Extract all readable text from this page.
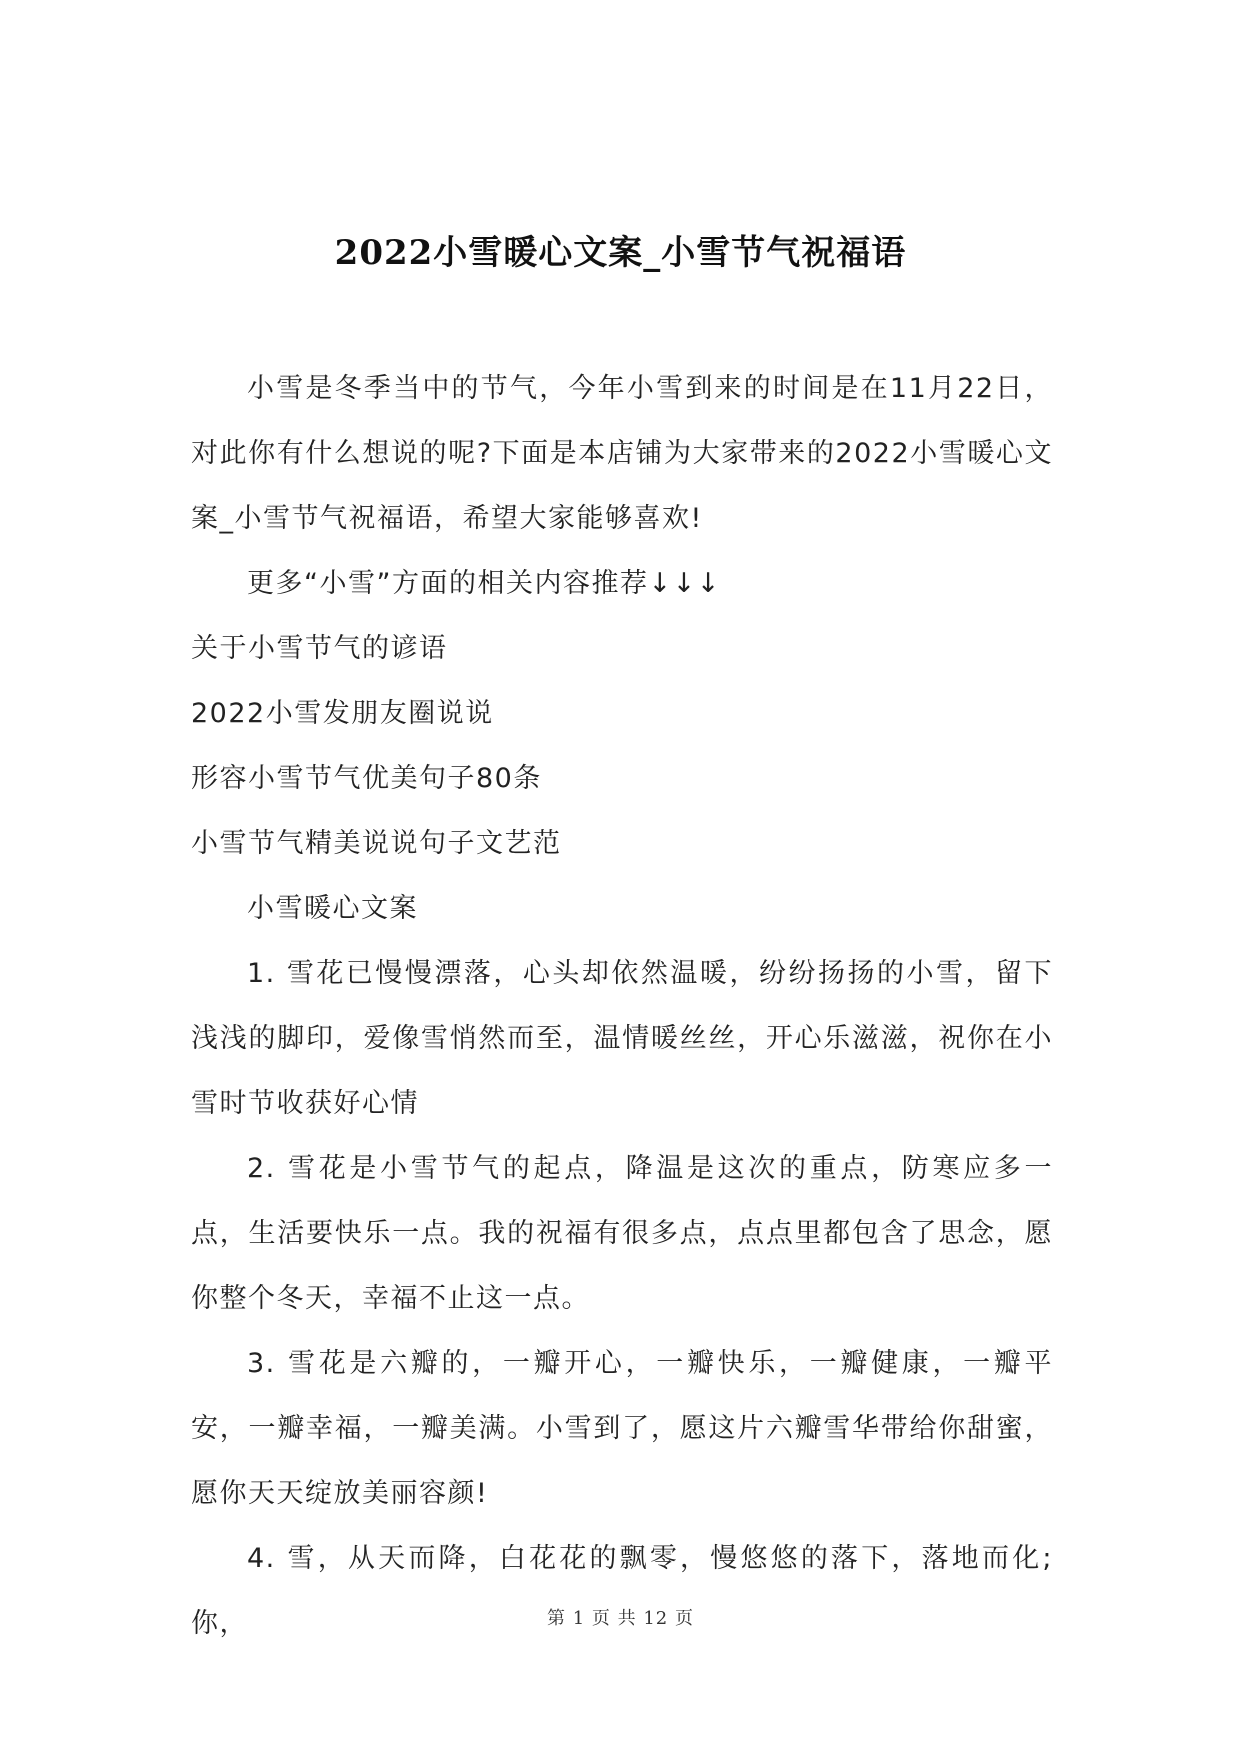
2022小雪暖心文案_小雪节气祝福语

小雪是冬季当中的节气，今年小雪到来的时间是在11月22日，对此你有什么想说的呢?下面是本店铺为大家带来的2022小雪暖心文案_小雪节气祝福语，希望大家能够喜欢!

更多“小雪”方面的相关内容推荐↓↓↓

关于小雪节气的谚语

2022小雪发朋友圈说说

形容小雪节气优美句子80条

小雪节气精美说说句子文艺范

小雪暖心文案

1. 雪花已慢慢漂落，心头却依然温暖，纷纷扬扬的小雪，留下浅浅的脚印，爱像雪悄然而至，温情暖丝丝，开心乐滋滋，祝你在小雪时节收获好心情

2. 雪花是小雪节气的起点，降温是这次的重点，防寒应多一点，生活要快乐一点。我的祝福有很多点，点点里都包含了思念，愿你整个冬天，幸福不止这一点。

3. 雪花是六瓣的，一瓣开心，一瓣快乐，一瓣健康，一瓣平安，一瓣幸福，一瓣美满。小雪到了，愿这片六瓣雪华带给你甜蜜，愿你天天绽放美丽容颜!

4. 雪，从天而降，白花花的飘零，慢悠悠的落下，落地而化;你，	第 1 页 共 12 页
